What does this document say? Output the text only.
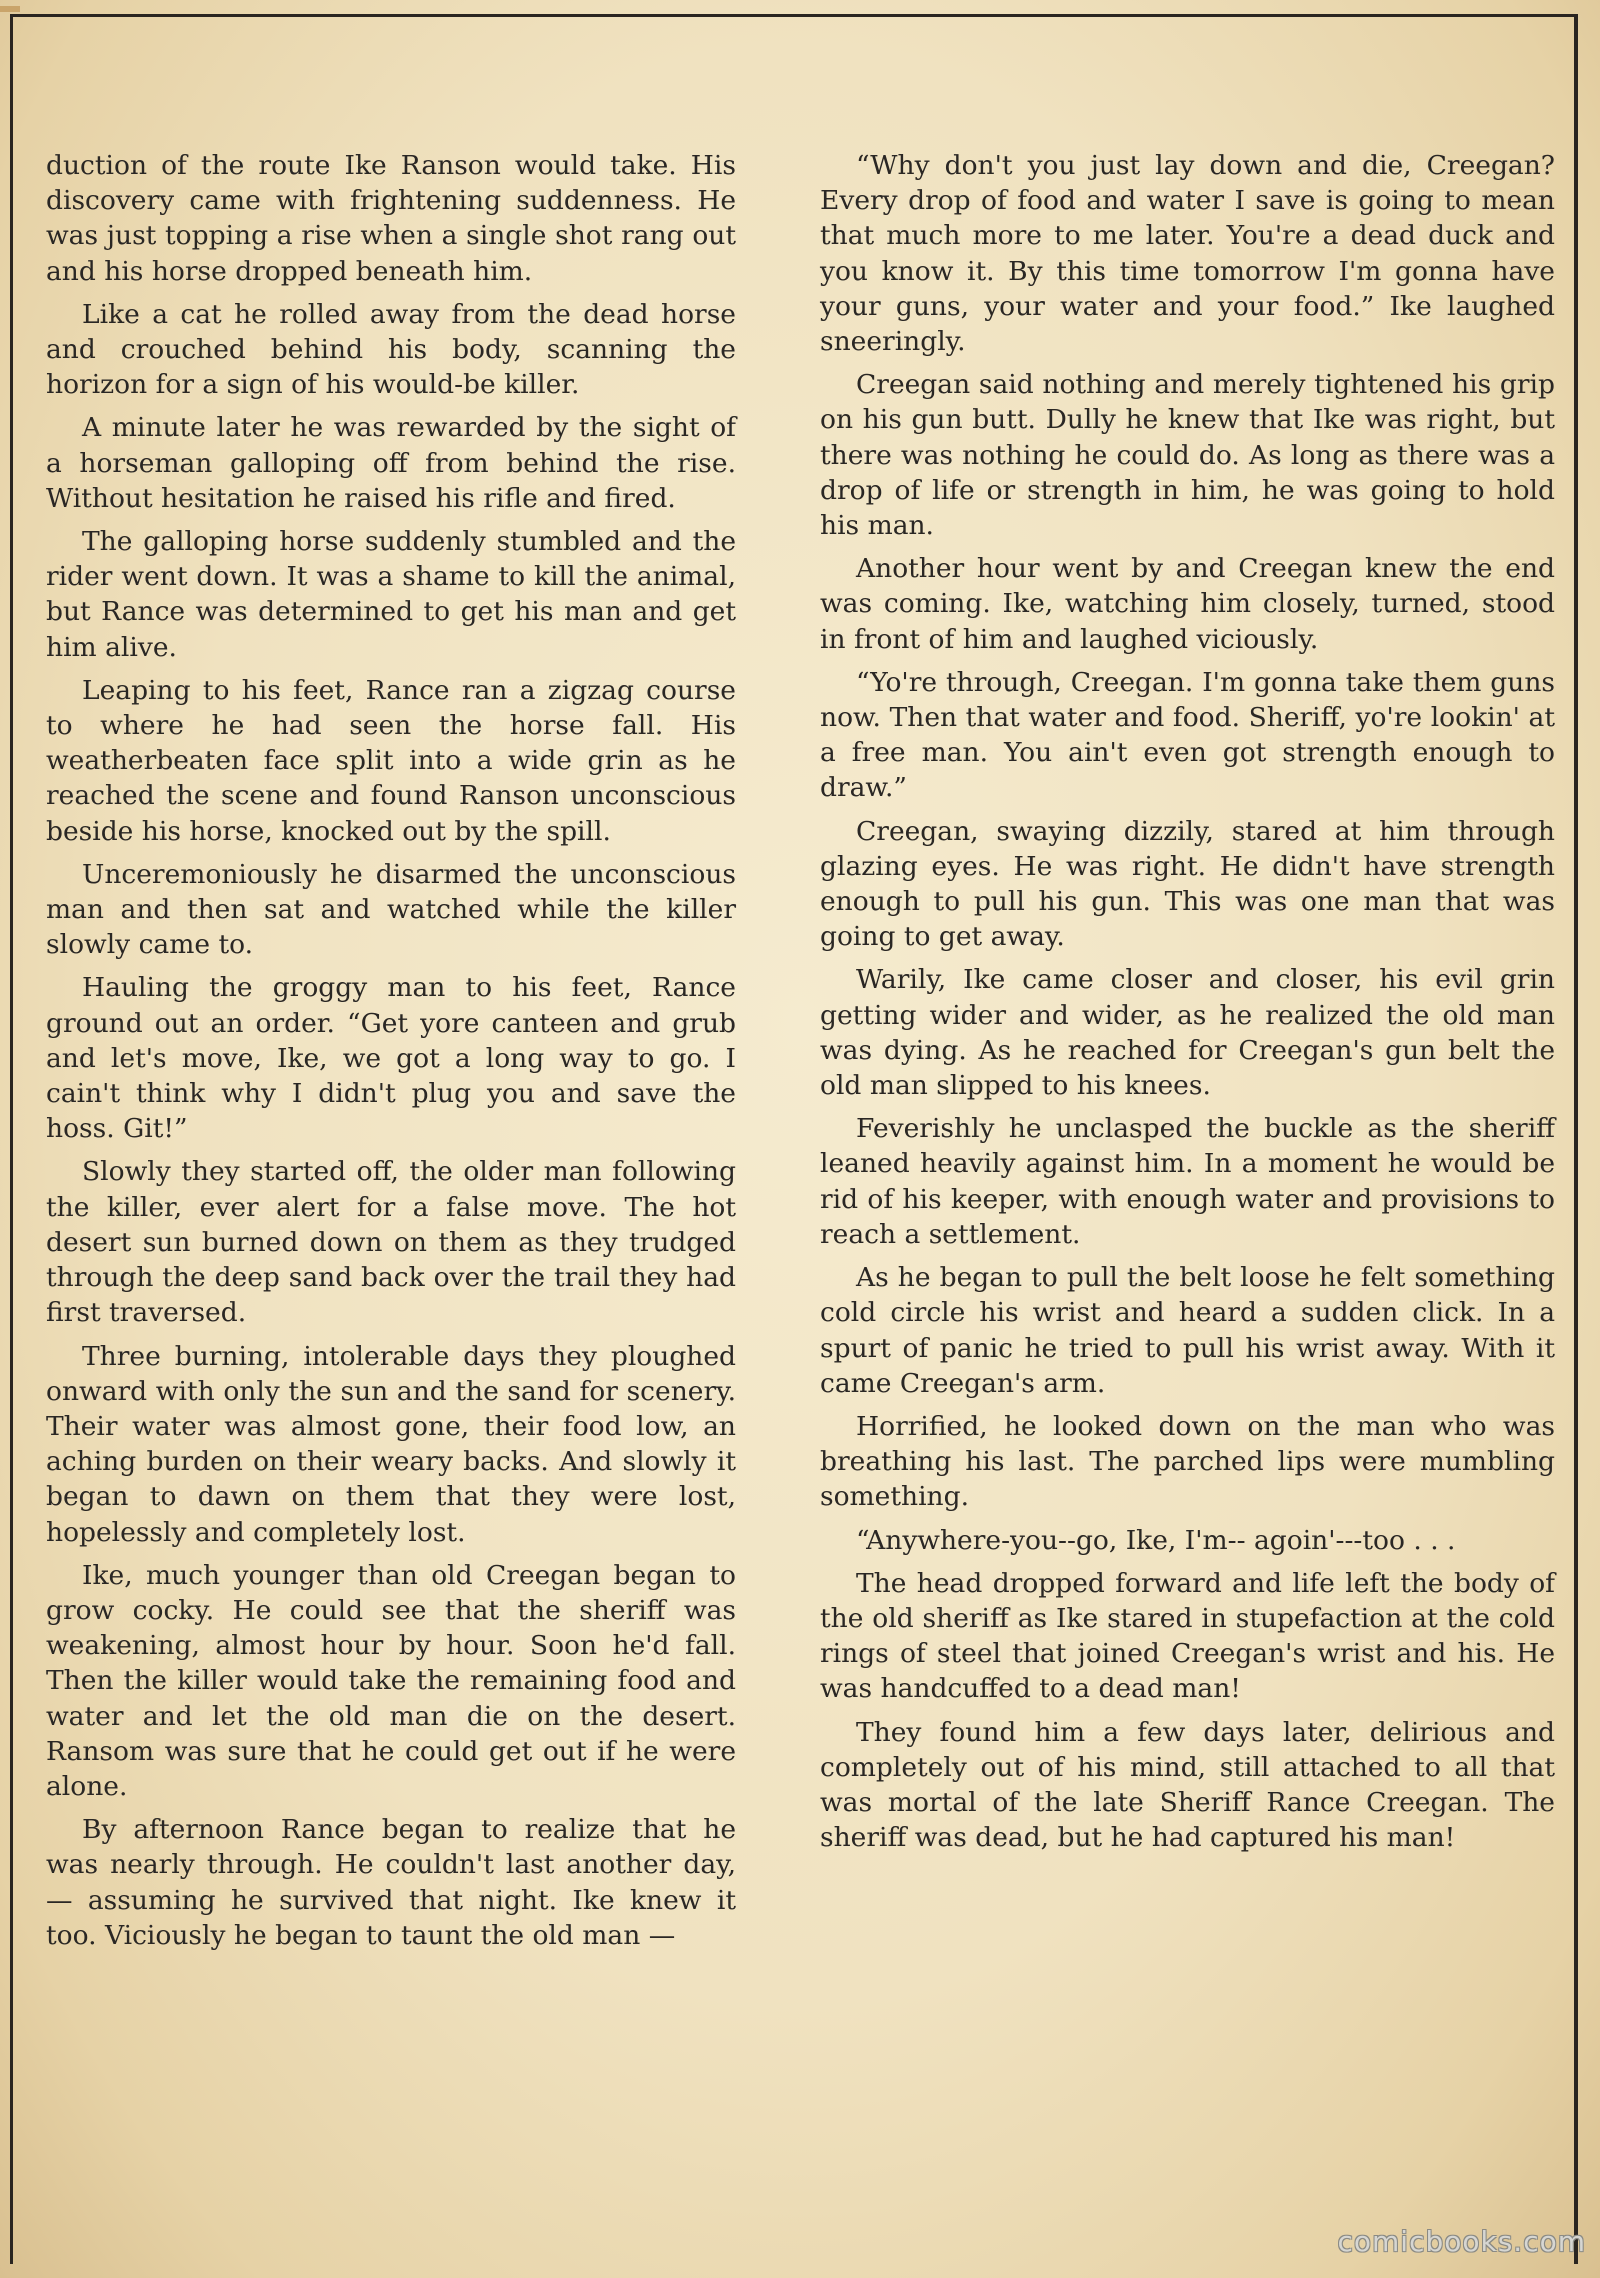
duction of the route Ike Ranson would take. His discovery came with frightening suddenness. He was just topping a rise when a single shot rang out and his horse dropped beneath him.

Like a cat he rolled away from the dead horse and crouched behind his body, scanning the horizon for a sign of his would-be killer.

A minute later he was rewarded by the sight of a horseman galloping off from behind the rise. Without hesitation he raised his rifle and fired.

The galloping horse suddenly stumbled and the rider went down. It was a shame to kill the animal, but Rance was determined to get his man and get him alive.

Leaping to his feet, Rance ran a zigzag course to where he had seen the horse fall. His weatherbeaten face split into a wide grin as he reached the scene and found Ranson unconscious beside his horse, knocked out by the spill.

Unceremoniously he disarmed the unconscious man and then sat and watched while the killer slowly came to.

Hauling the groggy man to his feet, Rance ground out an order. “Get yore canteen and grub and let's move, Ike, we got a long way to go. I cain't think why I didn't plug you and save the hoss. Git!”

Slowly they started off, the older man following the killer, ever alert for a false move. The hot desert sun burned down on them as they trudged through the deep sand back over the trail they had first traversed.

Three burning, intolerable days they ploughed onward with only the sun and the sand for scenery. Their water was almost gone, their food low, an aching burden on their weary backs. And slowly it began to dawn on them that they were lost, hopelessly and completely lost.

Ike, much younger than old Creegan began to grow cocky. He could see that the sheriff was weakening, almost hour by hour. Soon he'd fall. Then the killer would take the remaining food and water and let the old man die on the desert. Ransom was sure that he could get out if he were alone.

By afternoon Rance began to realize that he was nearly through. He couldn't last another day, — assuming he survived that night. Ike knew it too. Viciously he began to taunt the old man —

“Why don't you just lay down and die, Creegan? Every drop of food and water I save is going to mean that much more to me later. You're a dead duck and you know it. By this time tomorrow I'm gonna have your guns, your water and your food.” Ike laughed sneeringly.

Creegan said nothing and merely tightened his grip on his gun butt. Dully he knew that Ike was right, but there was nothing he could do. As long as there was a drop of life or strength in him, he was going to hold his man.

Another hour went by and Creegan knew the end was coming. Ike, watching him closely, turned, stood in front of him and laughed viciously.

“Yo're through, Creegan. I'm gonna take them guns now. Then that water and food. Sheriff, yo're lookin' at a free man. You ain't even got strength enough to draw.”

Creegan, swaying dizzily, stared at him through glazing eyes. He was right. He didn't have strength enough to pull his gun. This was one man that was going to get away.

Warily, Ike came closer and closer, his evil grin getting wider and wider, as he realized the old man was dying. As he reached for Creegan's gun belt the old man slipped to his knees.

Feverishly he unclasped the buckle as the sheriff leaned heavily against him. In a moment he would be rid of his keeper, with enough water and provisions to reach a settlement.

As he began to pull the belt loose he felt something cold circle his wrist and heard a sudden click. In a spurt of panic he tried to pull his wrist away. With it came Creegan's arm.

Horrified, he looked down on the man who was breathing his last. The parched lips were mumbling something.

“Anywhere-you--go, Ike, I'm-- agoin'---too . . .

The head dropped forward and life left the body of the old sheriff as Ike stared in stupefaction at the cold rings of steel that joined Creegan's wrist and his. He was handcuffed to a dead man!

They found him a few days later, delirious and completely out of his mind, still attached to all that was mortal of the late Sheriff Rance Creegan. The sheriff was dead, but he had captured his man!

comicbooks.com
